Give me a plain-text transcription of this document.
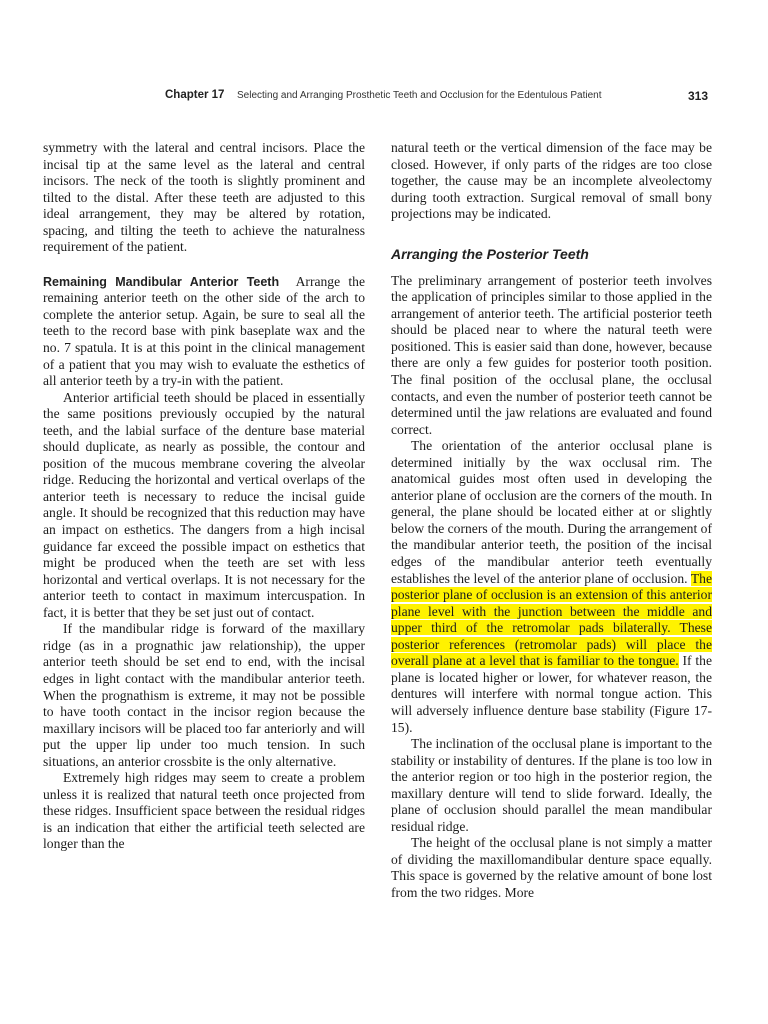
Chapter 17 Selecting and Arranging Prosthetic Teeth and Occlusion for the Edentulous Patient	313

symmetry with the lateral and central incisors. Place the incisal tip at the same level as the lateral and central incisors. The neck of the tooth is slightly prominent and tilted to the distal. After these teeth are adjusted to this ideal arrangement, they may be altered by rotation, spacing, and tilting the teeth to achieve the naturalness requirement of the patient.

Remaining Mandibular Anterior Teeth Arrange the remaining anterior teeth on the other side of the arch to complete the anterior setup. Again, be sure to seal all the teeth to the record base with pink baseplate wax and the no. 7 spatula. It is at this point in the clinical management of a patient that you may wish to evaluate the esthetics of all anterior teeth by a try-in with the patient.

Anterior artificial teeth should be placed in essentially the same positions previously occupied by the natural teeth, and the labial surface of the denture base material should duplicate, as nearly as possible, the contour and position of the mucous membrane covering the alveolar ridge. Reducing the horizontal and vertical overlaps of the anterior teeth is necessary to reduce the incisal guide angle. It should be recognized that this reduction may have an impact on esthetics. The dangers from a high incisal guidance far exceed the possible impact on esthetics that might be produced when the teeth are set with less horizontal and vertical overlaps. It is not necessary for the anterior teeth to contact in maximum intercuspation. In fact, it is better that they be set just out of contact.

If the mandibular ridge is forward of the maxillary ridge (as in a prognathic jaw relationship), the upper anterior teeth should be set end to end, with the incisal edges in light contact with the mandibular anterior teeth. When the prognathism is extreme, it may not be possible to have tooth contact in the incisor region because the maxillary incisors will be placed too far anteriorly and will put the upper lip under too much tension. In such situations, an anterior crossbite is the only alternative.

Extremely high ridges may seem to create a problem unless it is realized that natural teeth once projected from these ridges. Insufficient space between the residual ridges is an indication that either the artificial teeth selected are longer than the

natural teeth or the vertical dimension of the face may be closed. However, if only parts of the ridges are too close together, the cause may be an incomplete alveolectomy during tooth extraction. Surgical removal of small bony projections may be indicated.

Arranging the Posterior Teeth

The preliminary arrangement of posterior teeth involves the application of principles similar to those applied in the arrangement of anterior teeth. The artificial posterior teeth should be placed near to where the natural teeth were positioned. This is easier said than done, however, because there are only a few guides for posterior tooth position. The final position of the occlusal plane, the occlusal contacts, and even the number of posterior teeth cannot be determined until the jaw relations are evaluated and found correct.

The orientation of the anterior occlusal plane is determined initially by the wax occlusal rim. The anatomical guides most often used in developing the anterior plane of occlusion are the corners of the mouth. In general, the plane should be located either at or slightly below the corners of the mouth. During the arrangement of the mandibular anterior teeth, the position of the incisal edges of the mandibular anterior teeth eventually establishes the level of the anterior plane of occlusion. The posterior plane of occlusion is an extension of this anterior plane level with the junction between the middle and upper third of the retromolar pads bilaterally. These posterior references (retromolar pads) will place the overall plane at a level that is familiar to the tongue. If the plane is located higher or lower, for whatever reason, the dentures will interfere with normal tongue action. This will adversely influence denture base stability (Figure 17-15).

The inclination of the occlusal plane is important to the stability or instability of dentures. If the plane is too low in the anterior region or too high in the posterior region, the maxillary denture will tend to slide forward. Ideally, the plane of occlusion should parallel the mean mandibular residual ridge.

The height of the occlusal plane is not simply a matter of dividing the maxillomandibular denture space equally. This space is governed by the relative amount of bone lost from the two ridges. More
